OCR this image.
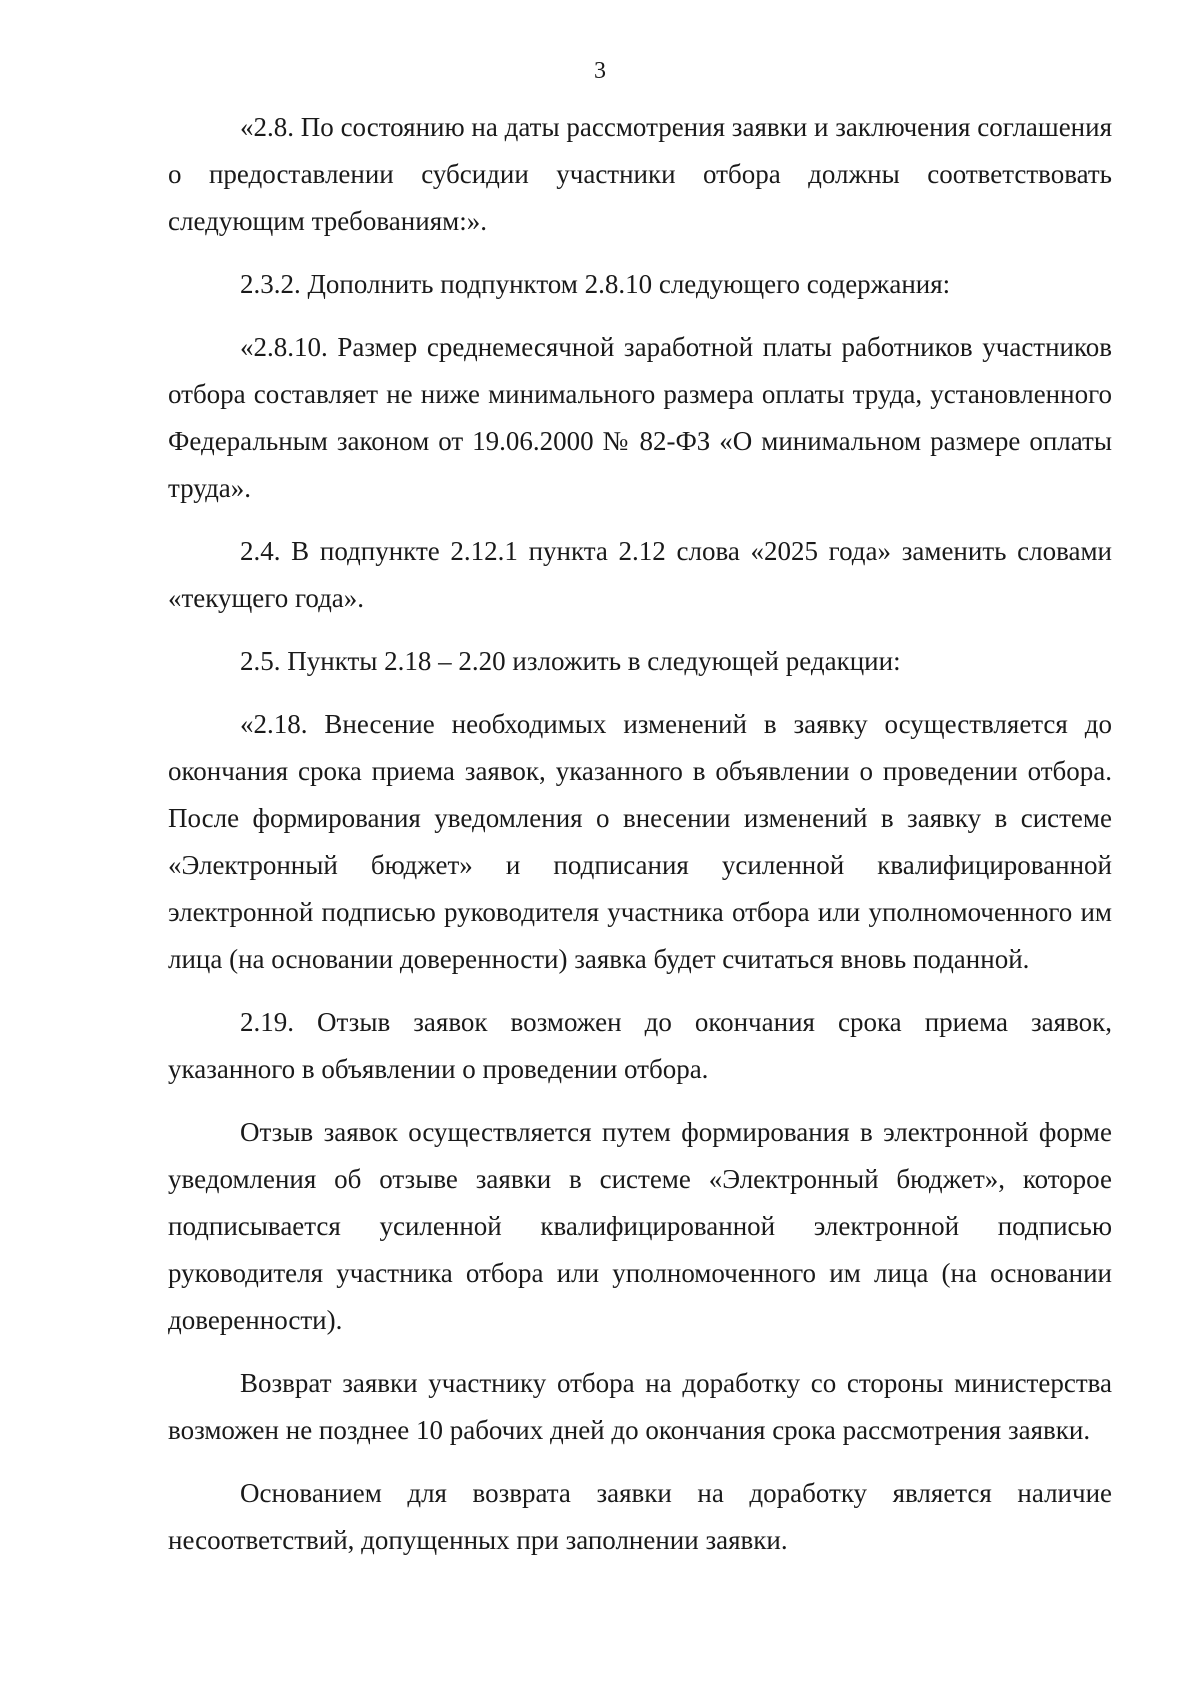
3

«2.8. По состоянию на даты рассмотрения заявки и заключения соглашения о предоставлении субсидии участники отбора должны соответствовать следующим требованиям:».

2.3.2. Дополнить подпунктом 2.8.10 следующего содержания:

«2.8.10. Размер среднемесячной заработной платы работников участников отбора составляет не ниже минимального размера оплаты труда, установленного Федеральным законом от 19.06.2000 № 82-ФЗ «О минимальном размере оплаты труда».

2.4. В подпункте 2.12.1 пункта 2.12 слова «2025 года» заменить словами «текущего года».

2.5. Пункты 2.18 – 2.20 изложить в следующей редакции:

«2.18. Внесение необходимых изменений в заявку осуществляется до окончания срока приема заявок, указанного в объявлении о проведении отбора. После формирования уведомления о внесении изменений в заявку в системе «Электронный бюджет» и подписания усиленной квалифицированной электронной подписью руководителя участника отбора или уполномоченного им лица (на основании доверенности) заявка будет считаться вновь поданной.

2.19. Отзыв заявок возможен до окончания срока приема заявок, указанного в объявлении о проведении отбора.

Отзыв заявок осуществляется путем формирования в электронной форме уведомления об отзыве заявки в системе «Электронный бюджет», которое подписывается усиленной квалифицированной электронной подписью руководителя участника отбора или уполномоченного им лица (на основании доверенности).

Возврат заявки участнику отбора на доработку со стороны министерства возможен не позднее 10 рабочих дней до окончания срока рассмотрения заявки.

Основанием для возврата заявки на доработку является наличие несоответствий, допущенных при заполнении заявки.
